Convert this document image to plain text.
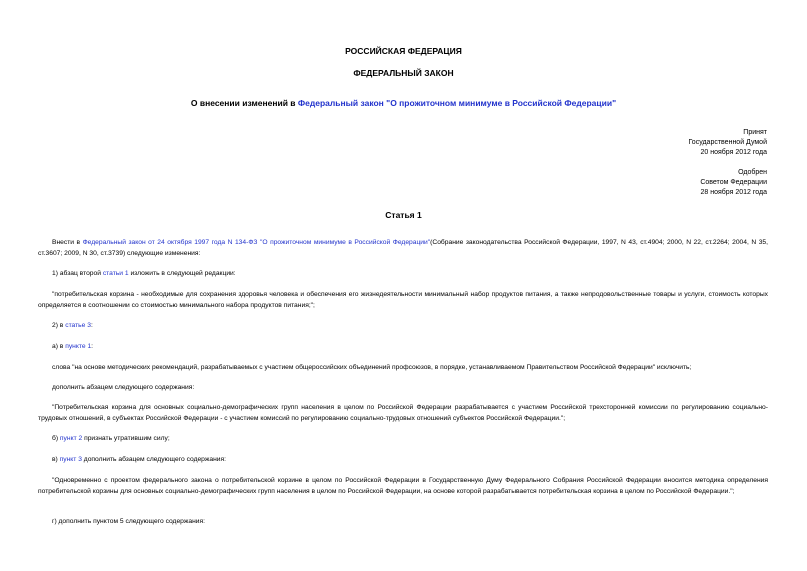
РОССИЙСКАЯ ФЕДЕРАЦИЯ
ФЕДЕРАЛЬНЫЙ ЗАКОН
О внесении изменений в Федеральный закон "О прожиточном минимуме в Российской Федерации"
Принят
Государственной Думой
20 ноября 2012 года
Одобрен
Советом Федерации
28 ноября 2012 года
Статья 1
Внести в Федеральный закон от 24 октября 1997 года N 134-ФЗ "О прожиточном минимуме в Российской Федерации"(Собрание законодательства Российской Федерации, 1997, N 43, ст.4904; 2000, N 22, ст.2264; 2004, N 35, ст.3607; 2009, N 30, ст.3739) следующие изменения:
1) абзац второй статьи 1 изложить в следующей редакции:
"потребительская корзина - необходимые для сохранения здоровья человека и обеспечения его жизнедеятельности минимальный набор продуктов питания, а также непродовольственные товары и услуги, стоимость которых определяется в соотношении со стоимостью минимального набора продуктов питания;";
2) в статье 3:
а) в пункте 1:
слова "на основе методических рекомендаций, разрабатываемых с участием общероссийских объединений профсоюзов, в порядке, устанавливаемом Правительством Российской Федерации" исключить;
дополнить абзацем следующего содержания:
"Потребительская корзина для основных социально-демографических групп населения в целом по Российской Федерации разрабатывается с участием Российской трехсторонней комиссии по регулированию социально-трудовых отношений, в субъектах Российской Федерации - с участием комиссий по регулированию социально-трудовых отношений субъектов Российской Федерации.";
б) пункт 2 признать утратившим силу;
в) пункт 3 дополнить абзацем следующего содержания:
"Одновременно с проектом федерального закона о потребительской корзине в целом по Российской Федерации в Государственную Думу Федерального Собрания Российской Федерации вносится методика определения потребительской корзины для основных социально-демографических групп населения в целом по Российской Федерации, на основе которой разрабатывается потребительская корзина в целом по Российской Федерации.";
г) дополнить пунктом 5 следующего содержания:
